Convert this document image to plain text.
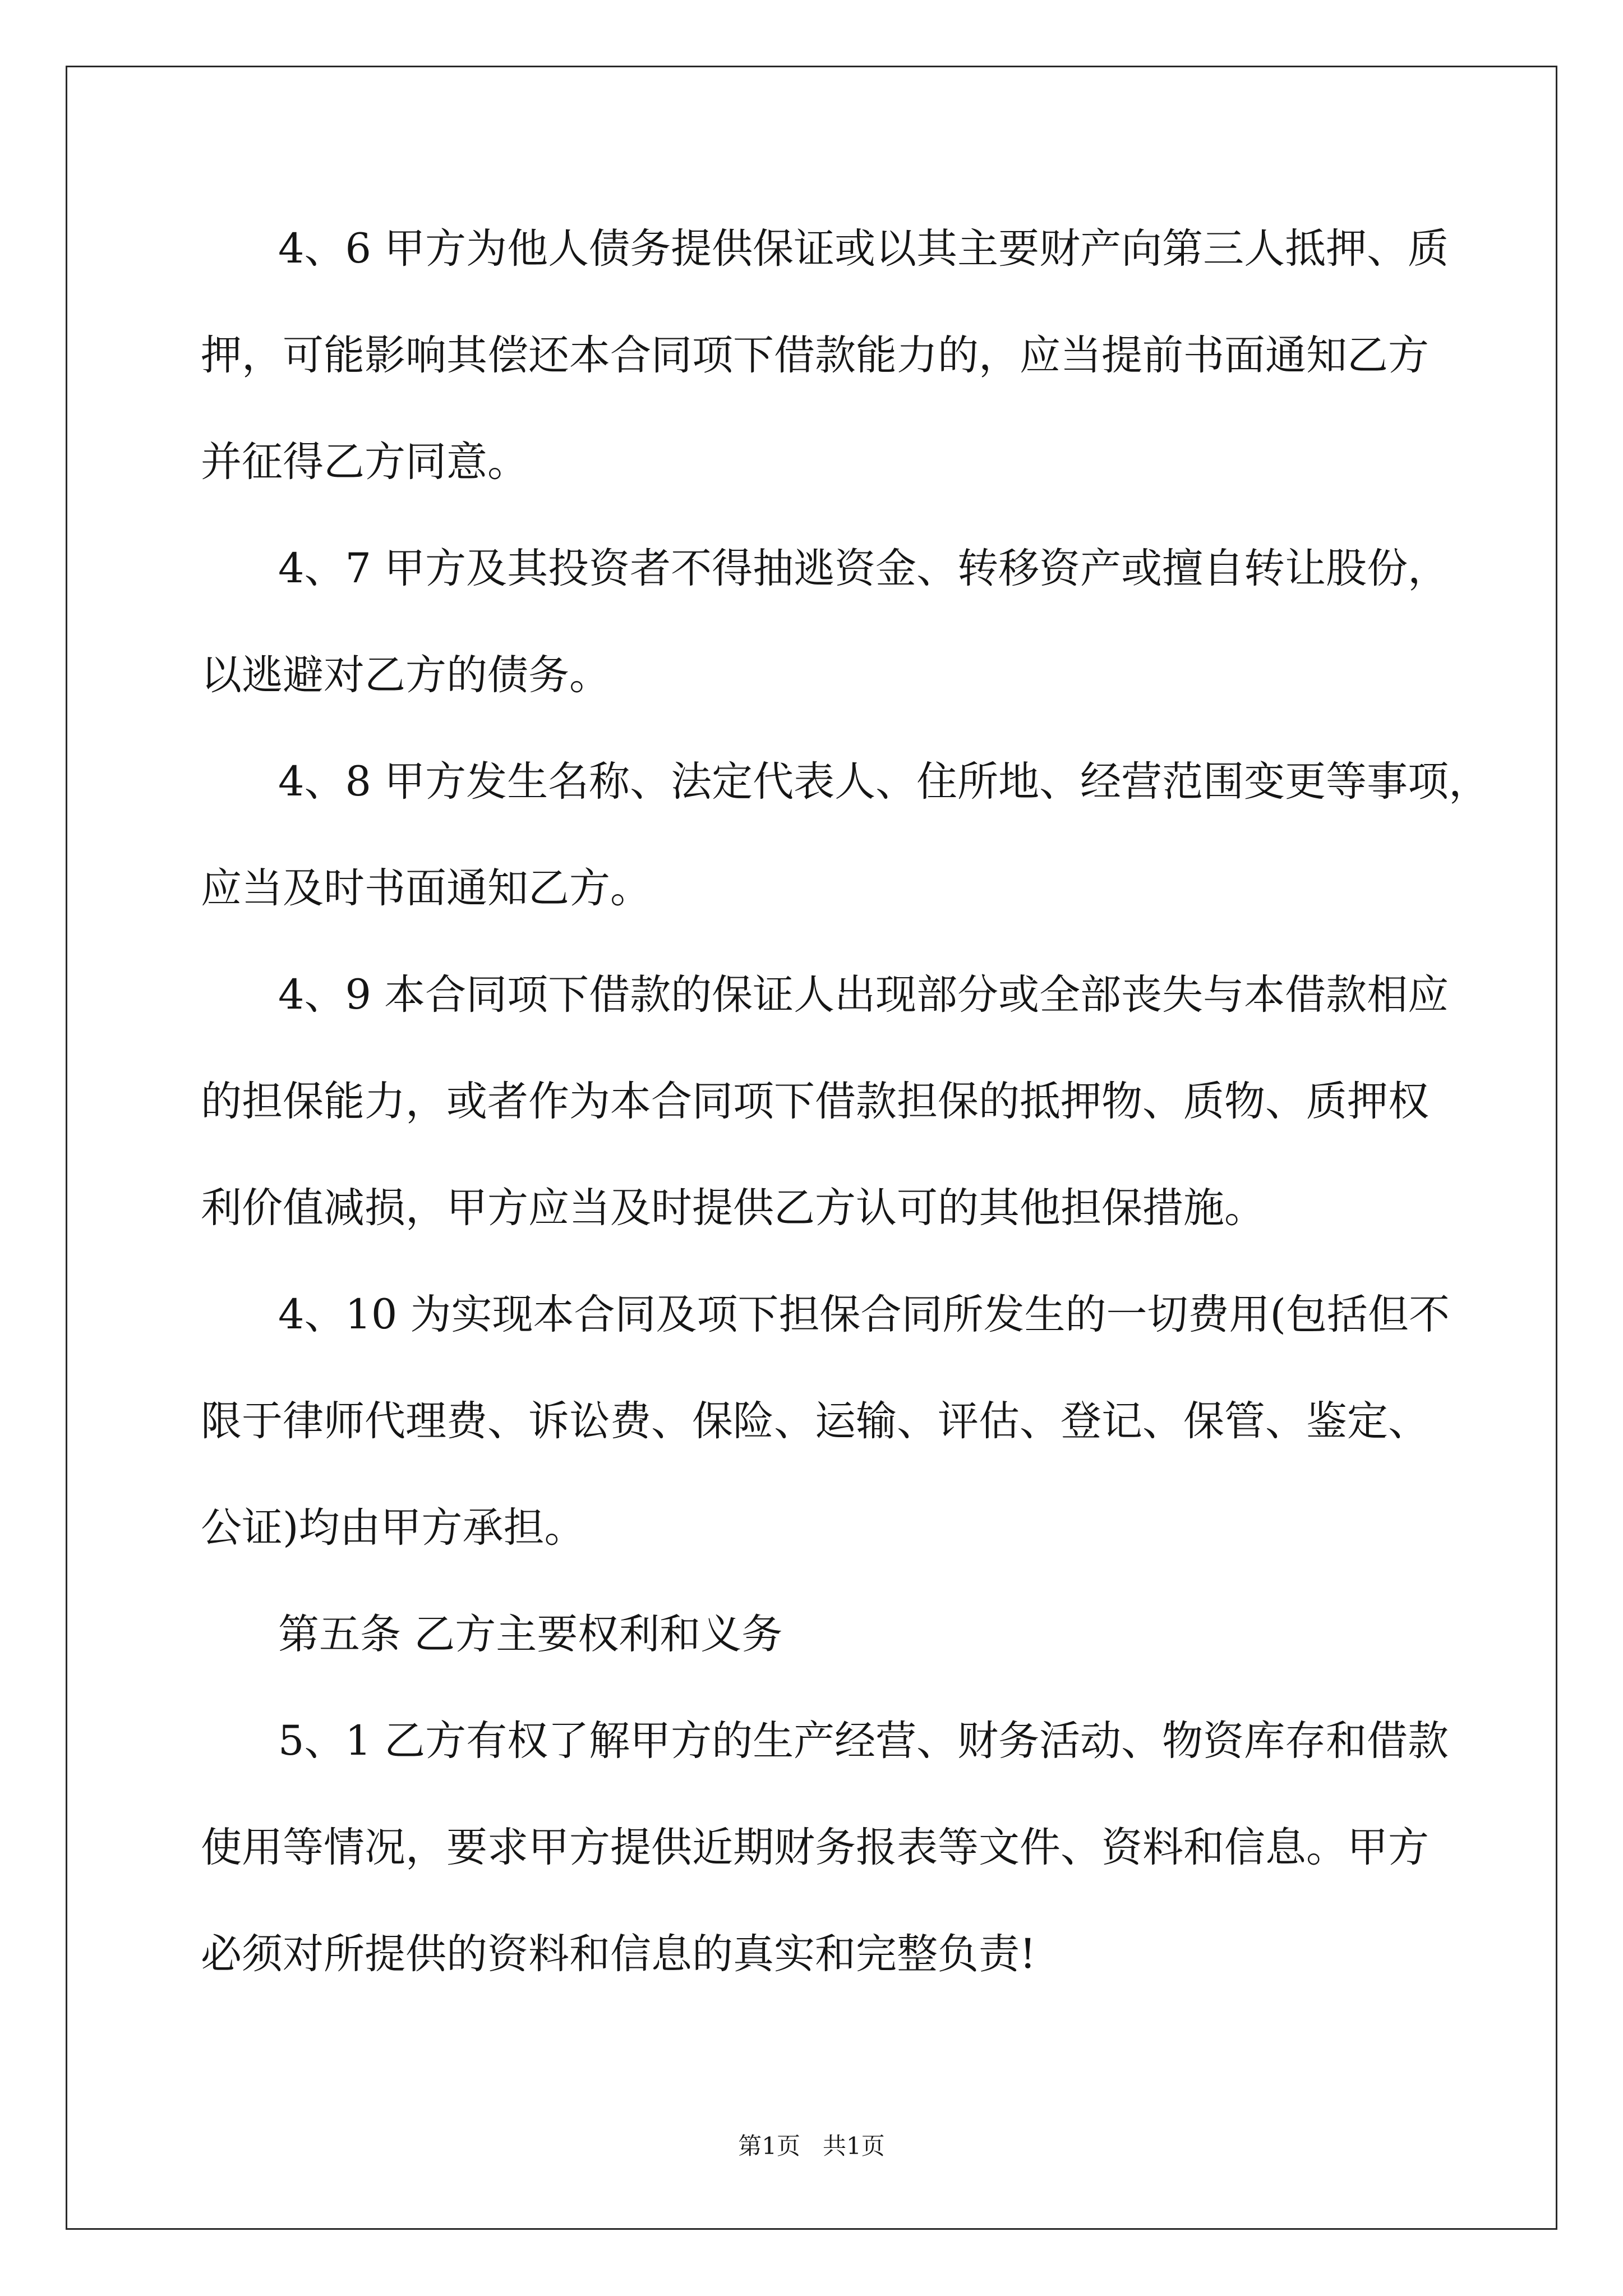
4、6 甲方为他人债务提供保证或以其主要财产向第三人抵押、质
押，可能影响其偿还本合同项下借款能力的，应当提前书面通知乙方
并征得乙方同意。
4、7 甲方及其投资者不得抽逃资金、转移资产或擅自转让股份，
以逃避对乙方的债务。
4、8 甲方发生名称、法定代表人、住所地、经营范围变更等事项，
应当及时书面通知乙方。
4、9 本合同项下借款的保证人出现部分或全部丧失与本借款相应
的担保能力，或者作为本合同项下借款担保的抵押物、质物、质押权
利价值减损，甲方应当及时提供乙方认可的其他担保措施。
4、10 为实现本合同及项下担保合同所发生的一切费用(包括但不
限于律师代理费、诉讼费、保险、运输、评估、登记、保管、鉴定、
公证)均由甲方承担。
第五条 乙方主要权利和义务
5、1 乙方有权了解甲方的生产经营、财务活动、物资库存和借款
使用等情况，要求甲方提供近期财务报表等文件、资料和信息。甲方
必须对所提供的资料和信息的真实和完整负责!
第1页   共1页
